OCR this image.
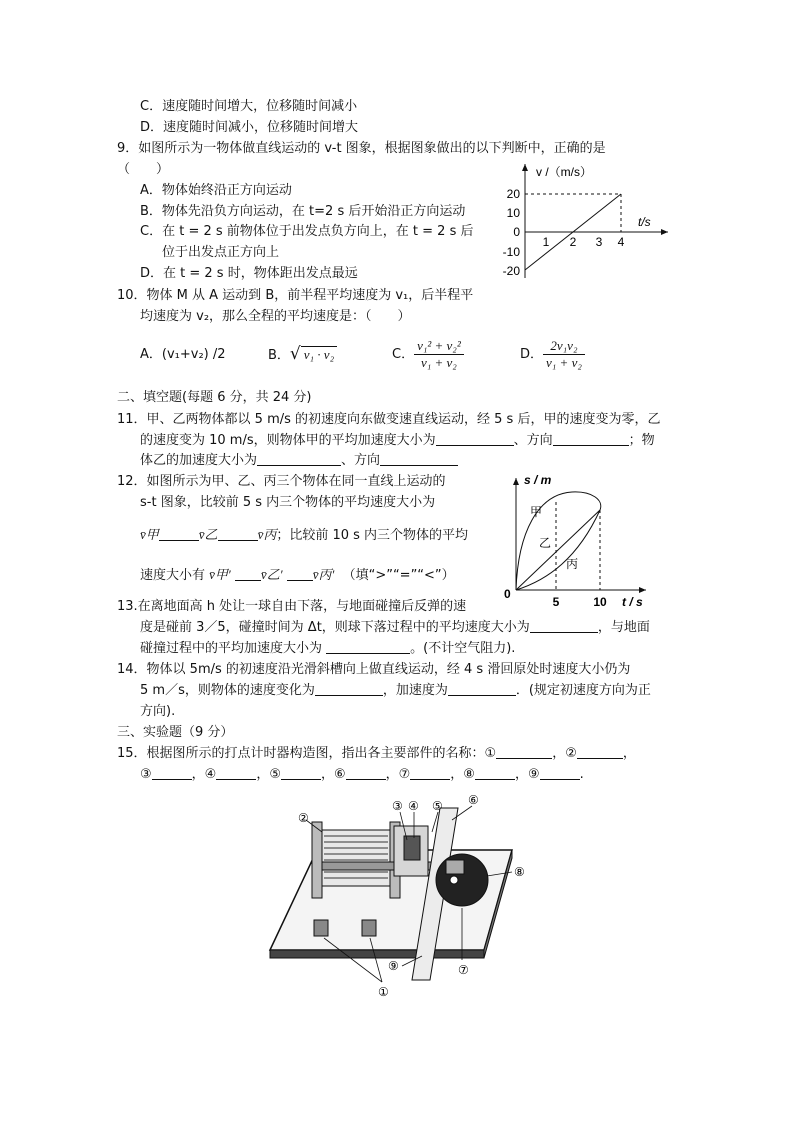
C．速度随时间增大，位移随时间减小
D．速度随时间减小，位移随时间增大
9．如图所示为一物体做直线运动的 v-t 图象，根据图象做出的以下判断中，正确的是
（　　）
A．物体始终沿正方向运动
B．物体先沿负方向运动，在 t=2 s 后开始沿正方向运动
C．在 t = 2 s 前物体位于出发点负方向上，在 t = 2 s 后
位于出发点正方向上
D．在 t = 2 s 时，物体距出发点最远
v /（m/s）
t/s
20
10
0
-10
-20
1 2 3 4
10．物体 M 从 A 运动到 B，前半程平均速度为 v₁，后半程平
均速度为 v₂，那么全程的平均速度是：（　　）
A．(v₁+v₂) /2	B．√ v₁ · v₂	C． $\frac{\text{v₁² + v₂²}}{\text{v₁ + v₂}}$	D． $\frac{\text{2v₁v₂}}{\text{v₁ + v₂}}$
二、填空题(每题 6 分，共 24 分)
11．甲、乙两物体都以 5 m/s 的初速度向东做变速直线运动，经 5 s 后，甲的速度变为零，乙
的速度变为 10 m/s，则物体甲的平均加速度大小为	、方向	；物
体乙的加速度大小为	、方向
12．如图所示为甲、乙、丙三个物体在同一直线上运动的
s-t 图象，比较前 5 s 内三个物体的平均速度大小为
v̄甲	v̄乙	v̄丙；比较前 10 s 内三个物体的平均
速度大小有 v̄甲′ v̄乙′ v̄丙′ （填“>”“=”“<”）
s / m
t / s
0
5	10
甲
乙
丙
13.在离地面高 h 处让一球自由下落，与地面碰撞后反弹的速
度是碰前 3／5，碰撞时间为 Δt，则球下落过程中的平均速度大小为	，与地面
碰撞过程中的平均加速度大小为	。(不计空气阻力).
14．物体以 5m/s 的初速度沿光滑斜槽向上做直线运动，经 4 s 滑回原处时速度大小仍为
5 m／s，则物体的速度变化为	，加速度为	．(规定初速度方向为正
方向).
三、实验题（9 分）
15．根据图所示的打点计时器构造图，指出各主要部件的名称：①	，②	，
③	，④	，⑤	，⑥	，⑦	，⑧	，⑨	.
②
③ ④ ⑤ ⑥
⑧
⑦
⑨
①
